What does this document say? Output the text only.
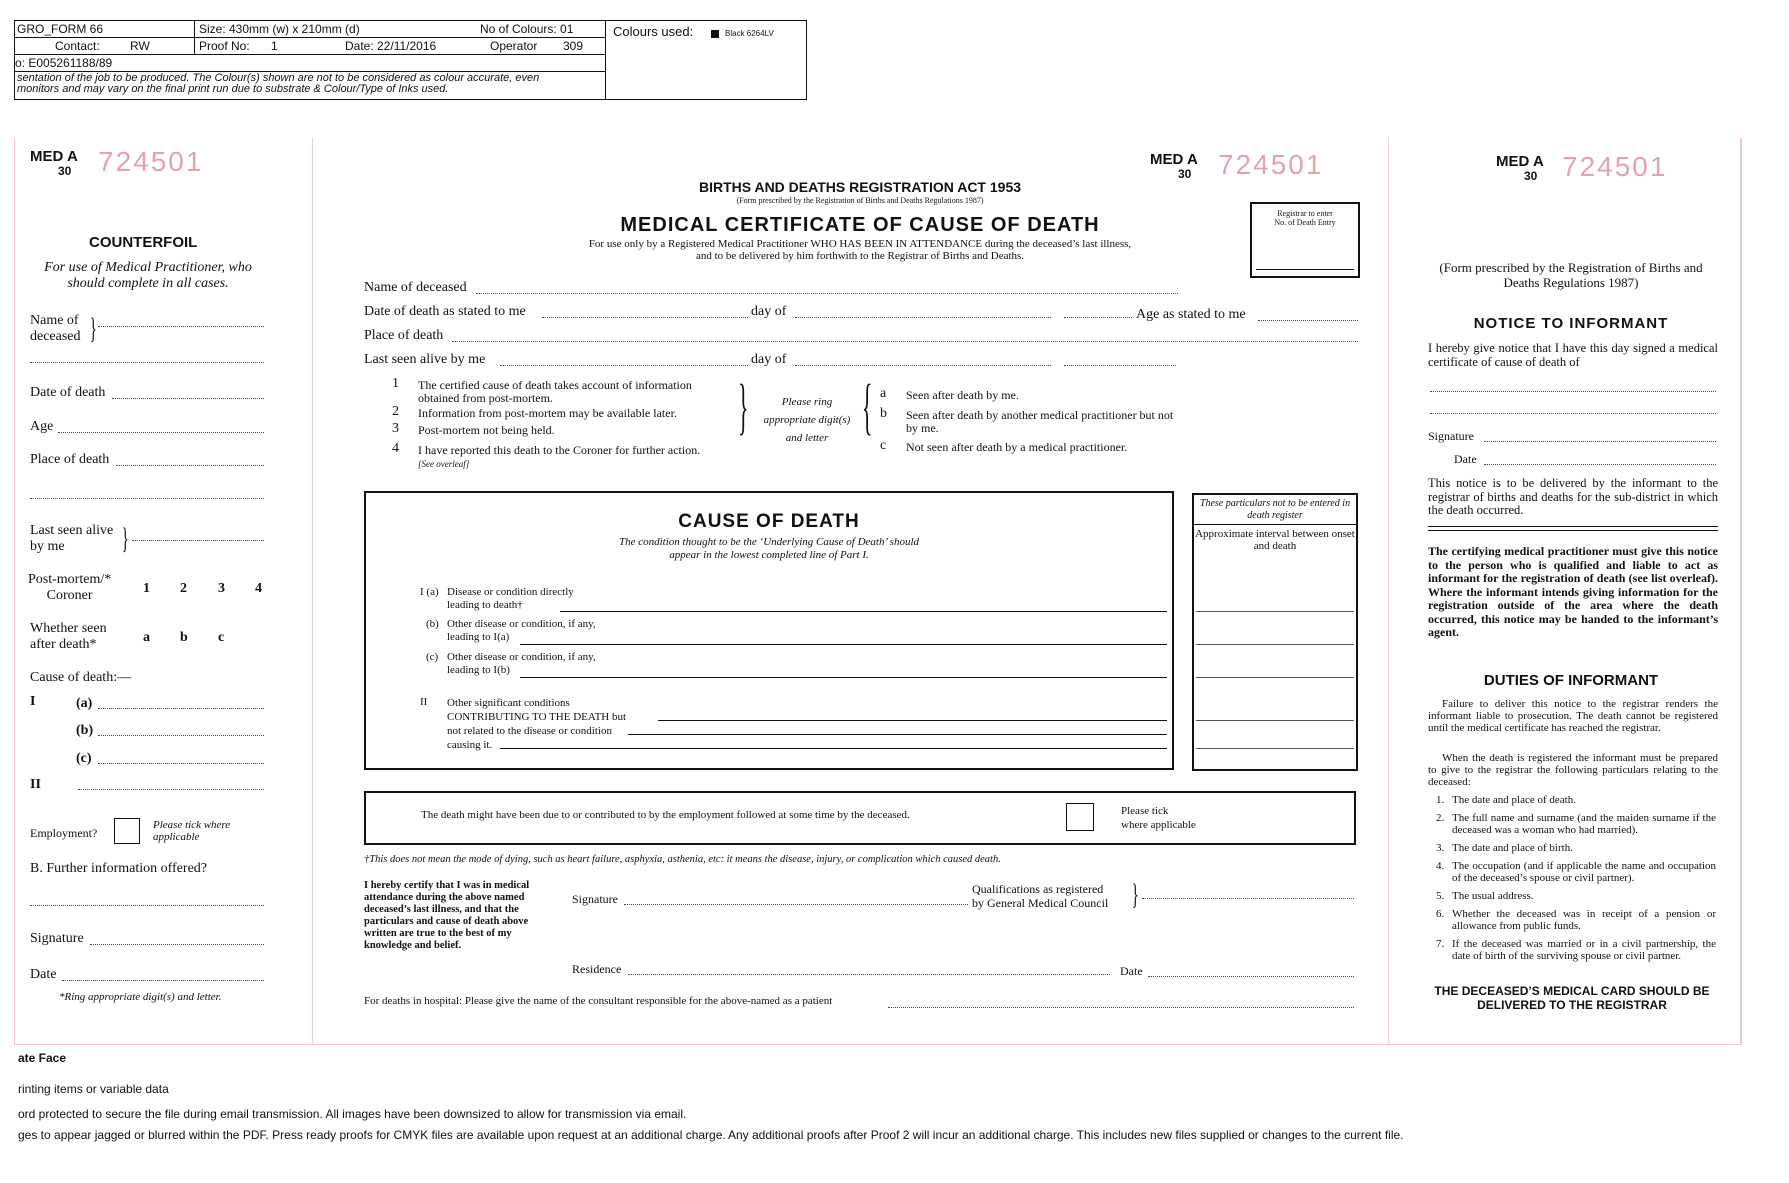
GRO_FORM 66
Contact:	RW
o: E005261188/89
Size: 430mm (w) x 210mm (d)
Proof No: 1
No of Colours: 01
Date: 22/11/2016	Operator 309
Colours used:	Black 6264LV
sentation of the job to be produced. The Colour(s) shown are not to be considered as colour accurate, even
monitors and may vary on the final print run due to substrate & Colour/Type of Inks used.
MED A
30 724501
COUNTERFOIL
For use of Medical Practitioner, who should complete in all cases.
Name of
deceased }
Date of death
Age
Place of death
Last seen alive
by me	}
Post-mortem/*
Coroner	1 2 3 4
Whether seen
after death*	a b c
Cause of death:—
I	(a)
(b)
(c)
II
Employment?
Please tick where applicable
B. Further information offered?
Signature
Date
*Ring appropriate digit(s) and letter.
MED A
30 724501
BIRTHS AND DEATHS REGISTRATION ACT 1953
(Form prescribed by the Registration of Births and Deaths Regulations 1987)
MEDICAL CERTIFICATE OF CAUSE OF DEATH
For use only by a Registered Medical Practitioner WHO HAS BEEN IN ATTENDANCE during the deceased’s last illness,
and to be delivered by him forthwith to the Registrar of Births and Deaths.
Registrar to enter No. of Death Entry
Name of deceased
Date of death as stated to me	day of	Age as stated to me
Place of death
Last seen alive by me	day of
1 The certified cause of death takes account of information obtained from post-mortem.
2 Information from post-mortem may be available later.
3 Post-mortem not being held.
4 I have reported this death to the Coroner for further action.
[See overleaf]
}	Please ring appropriate digit(s) and letter { a Seen after death by me.
b Seen after death by another medical practitioner but not by me.
c Not seen after death by a medical practitioner.
CAUSE OF DEATH
The condition thought to be the ‘Underlying Cause of Death’ should
appear in the lowest completed line of Part I.
I (a) Disease or condition directly
leading to death†
(b) Other disease or condition, if any,
leading to I(a)
(c) Other disease or condition, if any,
leading to I(b)
II Other significant conditions
CONTRIBUTING TO THE DEATH but
not related to the disease or condition
causing it.
These particulars not to be entered in death register
Approximate interval between onset and death
The death might have been due to or contributed to by the employment followed at some time by the deceased.	Please tick
where applicable
†This does not mean the mode of dying, such as heart failure, asphyxia, asthenia, etc: it means the disease, injury, or complication which caused death.
I hereby certify that I was in medical attendance during the above named deceased’s last illness, and that the particulars and cause of death above written are true to the best of my knowledge and belief.
Signature
Qualifications as registered
by General Medical Council }
Residence	Date
For deaths in hospital: Please give the name of the consultant responsible for the above-named as a patient
MED A
30 724501
(Form prescribed by the Registration of Births and Deaths Regulations 1987)
NOTICE TO INFORMANT
I hereby give notice that I have this day signed a medical certificate of cause of death of
Signature
Date
This notice is to be delivered by the informant to the registrar of births and deaths for the sub-district in which the death occurred.
The certifying medical practitioner must give this notice to the person who is qualified and liable to act as informant for the registration of death (see list overleaf). Where the informant intends giving information for the registration outside of the area where the death occurred, this notice may be handed to the informant’s agent.
DUTIES OF INFORMANT
Failure to deliver this notice to the registrar renders the informant liable to prosecution. The death cannot be registered until the medical certificate has reached the registrar.
When the death is registered the informant must be prepared to give to the registrar the following particulars relating to the deceased:
1. The date and place of death.
2. The full name and surname (and the maiden surname if the deceased was a woman who had married).
3. The date and place of birth.
4. The occupation (and if applicable the name and occupation of the deceased’s spouse or civil partner).
5. The usual address.
6. Whether the deceased was in receipt of a pension or allowance from public funds.
7. If the deceased was married or in a civil partnership, the date of birth of the surviving spouse or civil partner.
THE DECEASED’S MEDICAL CARD SHOULD BE DELIVERED TO THE REGISTRAR
ate Face
rinting items or variable data
ord protected to secure the file during email transmission. All images have been downsized to allow for transmission via email.
ges to appear jagged or blurred within the PDF. Press ready proofs for CMYK files are available upon request at an additional charge. Any additional proofs after Proof 2 will incur an additional charge. This includes new files supplied or changes to the current file.
